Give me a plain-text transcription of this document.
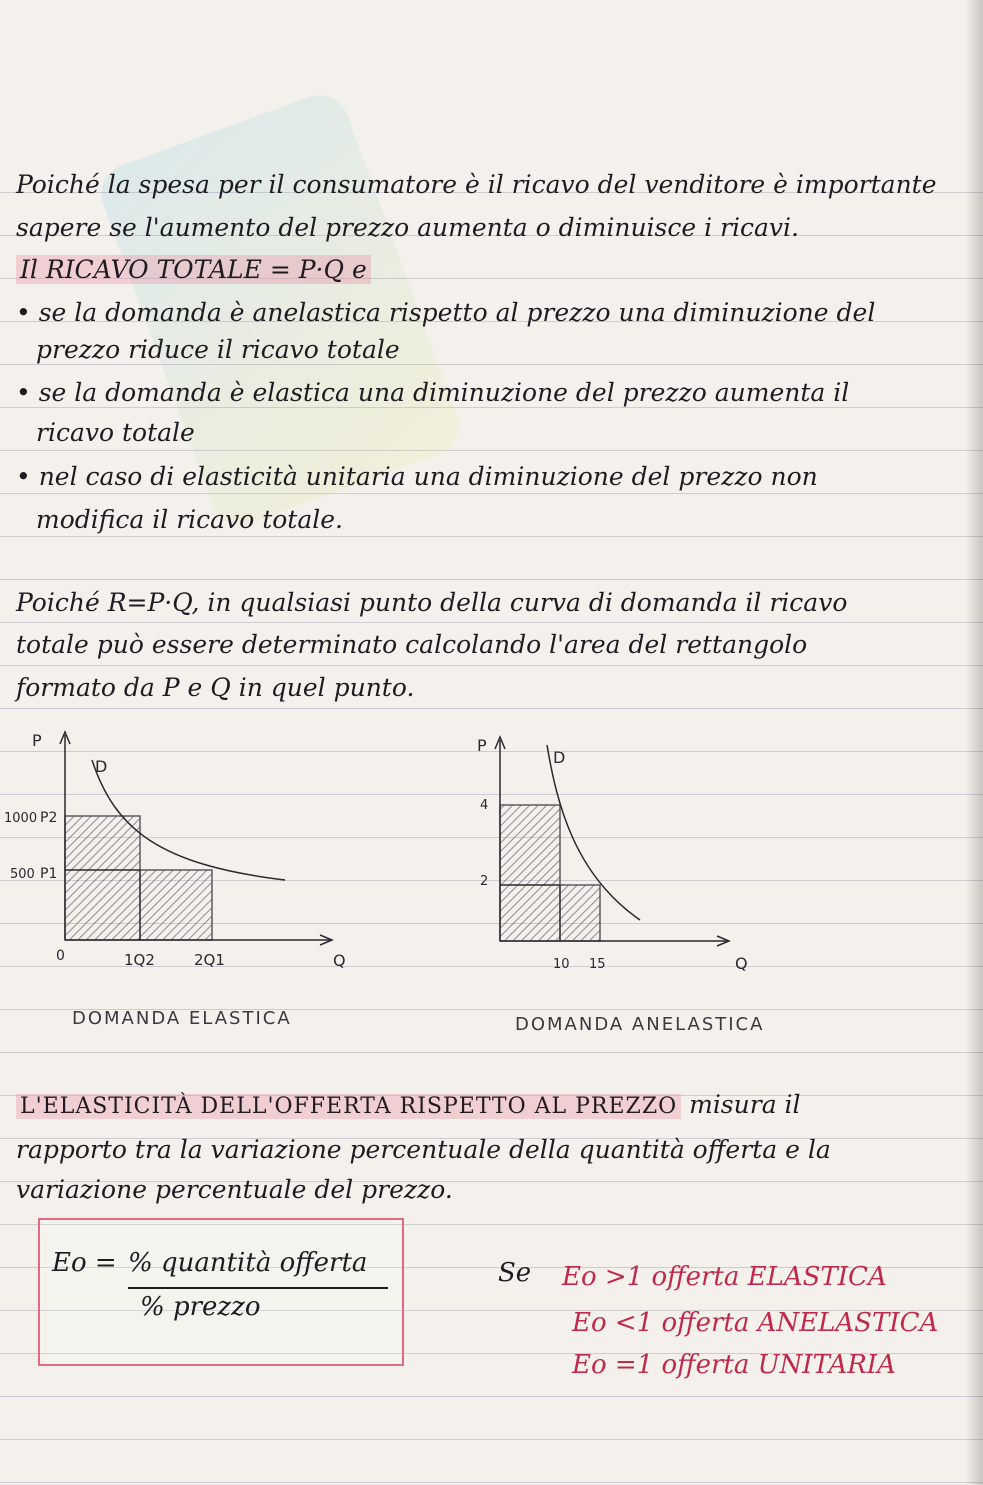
Poiché la spesa per il consumatore è il ricavo del venditore è importante
sapere se l'aumento del prezzo aumenta o diminuisce i ricavi.
Il RICAVO TOTALE = P·Q e
• se la domanda è anelastica rispetto al prezzo una diminuzione del
prezzo riduce il ricavo totale
• se la domanda è elastica una diminuzione del prezzo aumenta il
ricavo totale
• nel caso di elasticità unitaria una diminuzione del prezzo non
modifica il ricavo totale.
Poiché R=P·Q, in qualsiasi punto della curva di domanda il ricavo
totale può essere determinato calcolando l'area del rettangolo
formato da P e Q in quel punto.
P
D
1000 P2
500 P1
0	1Q2	2Q1	Q
DOMANDA ELASTICA
P
D
4
2
10 15	Q
DOMANDA ANELASTICA
L'ELASTICITÀ DELL'OFFERTA RISPETTO AL PREZZO misura il
rapporto tra la variazione percentuale della quantità offerta e la
variazione percentuale del prezzo.
Eo = % quantità offerta
% prezzo
Se Eo >1 offerta ELASTICA
Eo <1 offerta ANELASTICA
Eo =1 offerta UNITARIA
